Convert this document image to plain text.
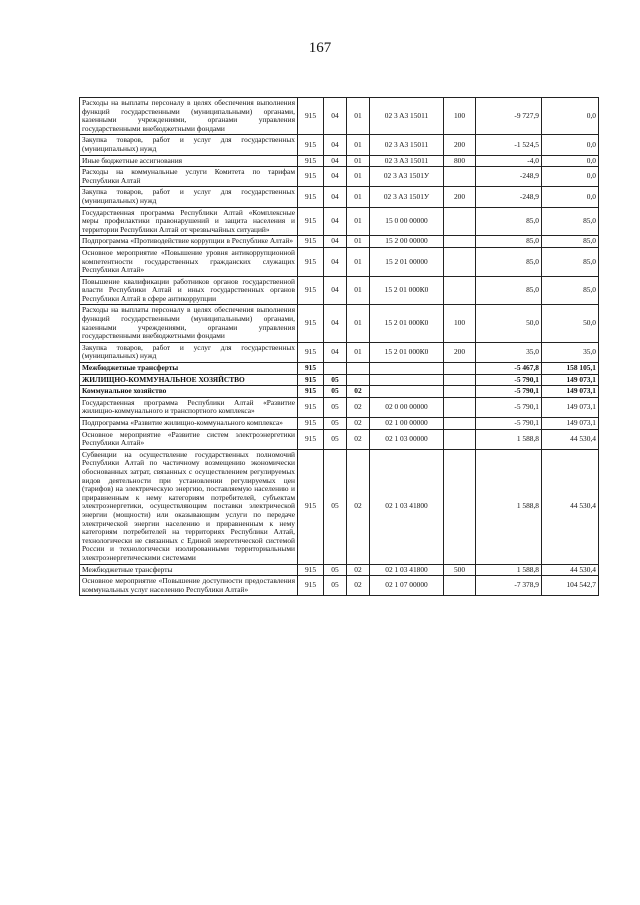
167
Расходы на выплаты персоналу в целях обеспечения выполнения функций государственными (муниципальными) органами, казенными учреждениями, органами управления государственными внебюджетными фондами	915	04	01	02 3 A3 15011	100	-9 727,9	0,0
Закупка товаров, работ и услуг для государственных (муниципальных) нужд	915	04	01	02 3 A3 15011	200	-1 524,5	0,0
Иные бюджетные ассигнования	915	04	01	02 3 A3 15011	800	-4,0	0,0
Расходы на коммунальные услуги Комитета по тарифам Республики Алтай	915	04	01	02 3 A3 1501У		-248,9	0,0
Закупка товаров, работ и услуг для государственных (муниципальных) нужд	915	04	01	02 3 A3 1501У	200	-248,9	0,0
Государственная программа Республики Алтай «Комплексные меры профилактики правонарушений и защита населения и территории Республики Алтай от чрезвычайных ситуаций»	915	04	01	15 0 00 00000		85,0	85,0
Подпрограмма «Противодействие коррупции в Республике Алтай»	915	04	01	15 2 00 00000		85,0	85,0
Основное мероприятие «Повышение уровня антикоррупционной компетентности государственных гражданских служащих Республики Алтай»	915	04	01	15 2 01 00000		85,0	85,0
Повышение квалификации работников органов государственной власти Республики Алтай и иных государственных органов Республики Алтай в сфере антикоррупции	915	04	01	15 2 01 000К0		85,0	85,0
Расходы на выплаты персоналу в целях обеспечения выполнения функций государственными (муниципальными) органами, казенными учреждениями, органами управления государственными внебюджетными фондами	915	04	01	15 2 01 000К0	100	50,0	50,0
Закупка товаров, работ и услуг для государственных (муниципальных) нужд	915	04	01	15 2 01 000К0	200	35,0	35,0
Межбюджетные трансферты	915					-5 467,8	158 105,1
ЖИЛИЩНО-КОММУНАЛЬНОЕ ХОЗЯЙСТВО	915	05				-5 790,1	149 073,1
Коммунальное хозяйство	915	05	02			-5 790,1	149 073,1
Государственная программа Республики Алтай «Развитие жилищно-коммунального и транспортного комплекса»	915	05	02	02 0 00 00000		-5 790,1	149 073,1
Подпрограмма «Развитие жилищно-коммунального комплекса»	915	05	02	02 1 00 00000		-5 790,1	149 073,1
Основное мероприятие «Развитие систем электроэнергетики Республики Алтай»	915	05	02	02 1 03 00000		1 588,8	44 530,4
Субвенции на осуществление государственных полномочий Республики Алтай по частичному возмещению экономически обоснованных затрат, связанных с осуществлением регулируемых видов деятельности при установлении регулируемых цен (тарифов) на электрическую энергию, поставляемую населению и приравненным к нему категориям потребителей, субъектам электроэнергетики, осуществляющим поставки электрической энергии (мощности) или оказывающим услуги по передаче электрической энергии населению и приравненным к нему категориям потребителей на территориях Республики Алтай, технологически не связанных с Единой энергетической системой России и технологически изолированными территориальными электроэнергетическими системами	915	05	02	02 1 03 41800		1 588,8	44 530,4
Межбюджетные трансферты	915	05	02	02 1 03 41800	500	1 588,8	44 530,4
Основное мероприятие «Повышение доступности предоставления коммунальных услуг населению Республики Алтай»	915	05	02	02 1 07 00000		-7 378,9	104 542,7
